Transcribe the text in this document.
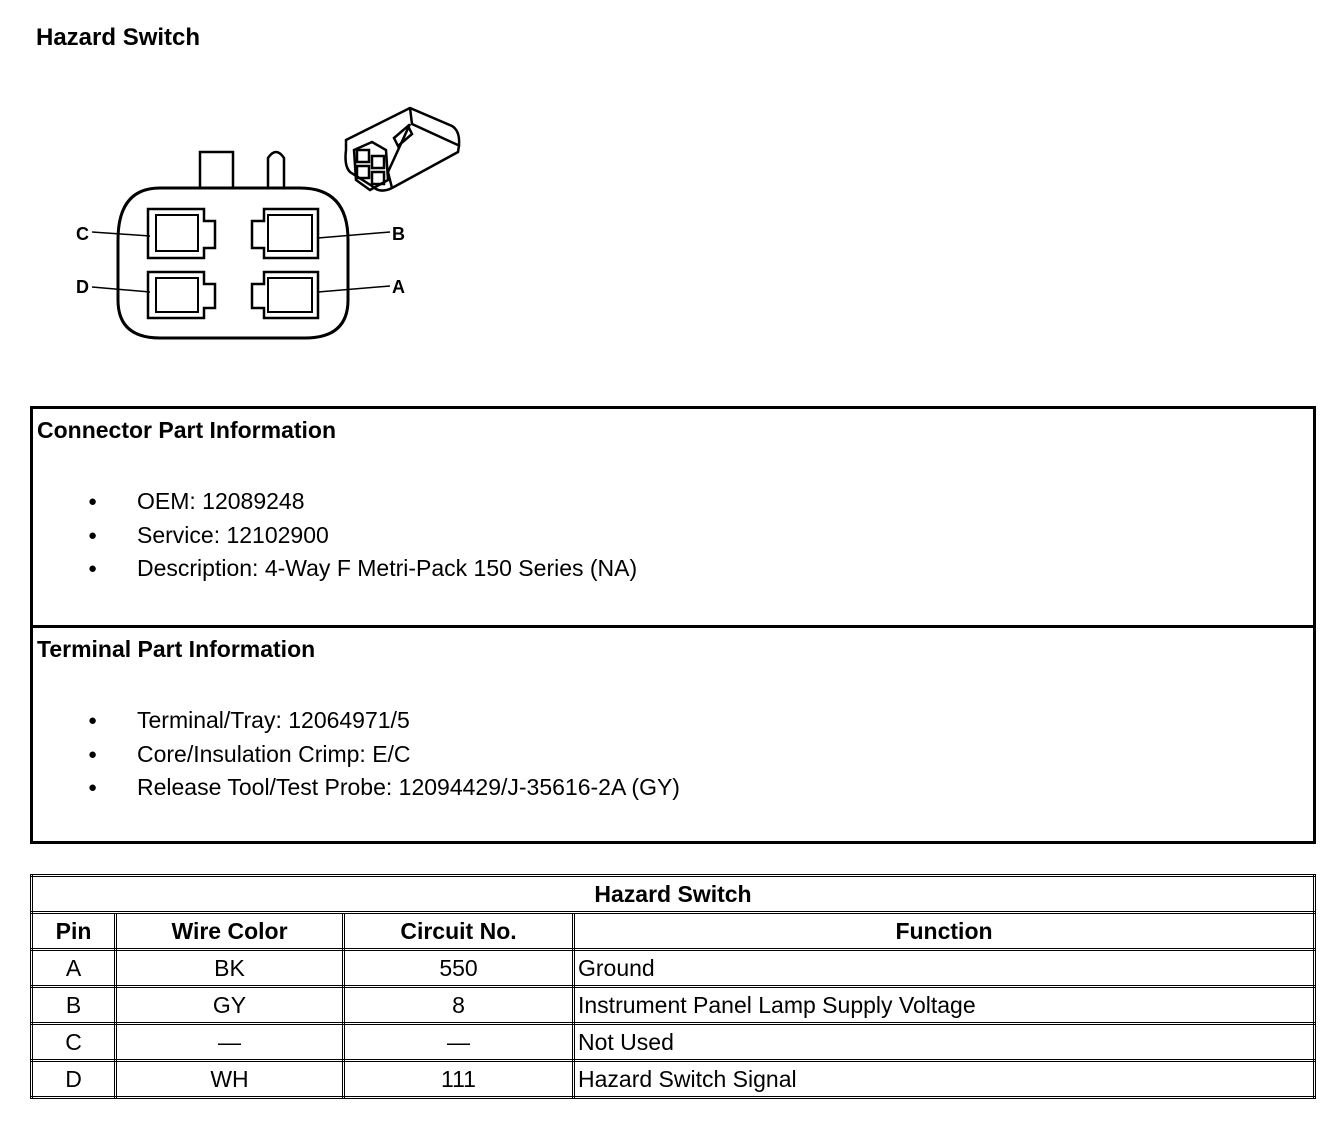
Hazard Switch
C	B
D	A
Connector Part Information
● OEM: 12089248
● Service: 12102900
● Description: 4-Way F Metri-Pack 150 Series (NA)
Terminal Part Information
● Terminal/Tray: 12064971/5
● Core/Insulation Crimp: E/C
● Release Tool/Test Probe: 12094429/J-35616-2A (GY)
Hazard Switch			
Pin	Wire Color	Circuit No.	Function
A	BK	550	Ground
B	GY	8	Instrument Panel Lamp Supply Voltage
C	—	—	Not Used
D	WH	111	Hazard Switch Signal
